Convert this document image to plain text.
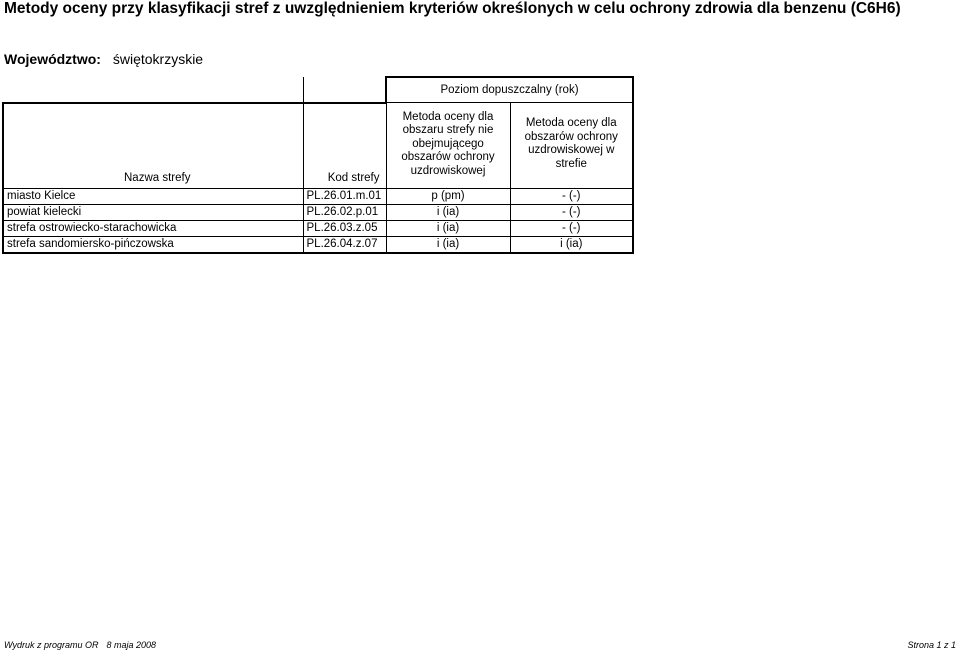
Metody oceny przy klasyfikacji stref z uwzględnieniem kryteriów określonych w celu ochrony zdrowia dla benzenu (C6H6)
Województwo: świętokrzyskie
		Poziom dopuszczalny (rok)	
Nazwa strefy	Kod strefy	Metoda oceny dla obszaru strefy nie obejmującego obszarów ochrony uzdrowiskowej	Metoda oceny dla obszarów ochrony uzdrowiskowej w strefie
miasto Kielce	PL.26.01.m.01	p (pm)	- (-)
powiat kielecki	PL.26.02.p.01	i (ia)	- (-)
strefa ostrowiecko-starachowicka	PL.26.03.z.05	i (ia)	- (-)
strefa sandomiersko-pińczowska	PL.26.04.z.07	i (ia)	i (ia)
Wydruk z programu OR 8 maja 2008	Strona 1 z 1
